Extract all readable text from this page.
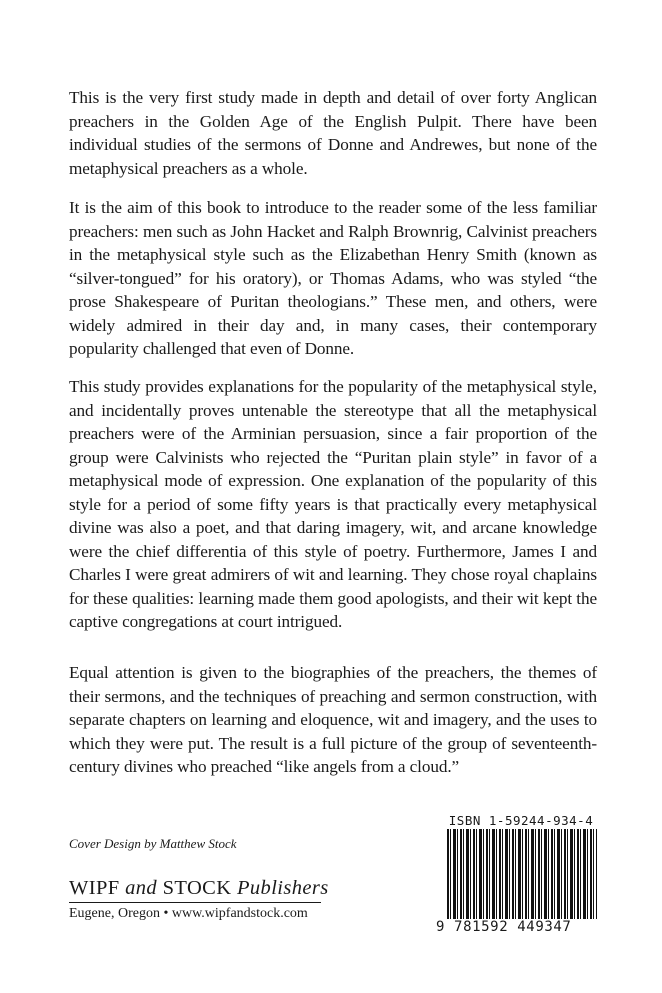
This is the very first study made in depth and detail of over forty Anglican preachers in the Golden Age of the English Pulpit. There have been individual studies of the sermons of Donne and Andrewes, but none of the metaphysical preachers as a whole.

It is the aim of this book to introduce to the reader some of the less familiar preachers: men such as John Hacket and Ralph Brownrig, Calvinist preachers in the metaphysical style such as the Elizabethan Henry Smith (known as “silver-tongued” for his oratory), or Thomas Adams, who was styled “the prose Shakespeare of Puritan theologians.” These men, and others, were widely admired in their day and, in many cases, their contemporary popularity challenged that even of Donne.

This study provides explanations for the popularity of the metaphysical style, and incidentally proves untenable the stereotype that all the metaphysical preachers were of the Arminian persuasion, since a fair proportion of the group were Calvinists who rejected the “Puritan plain style” in favor of a metaphysical mode of expression. One explanation of the popularity of this style for a period of some fifty years is that practically every metaphysical divine was also a poet, and that daring imagery, wit, and arcane knowledge were the chief differentia of this style of poetry. Furthermore, James I and Charles I were great admirers of wit and learning. They chose royal chaplains for these qualities: learning made them good apologists, and their wit kept the captive congregations at court intrigued.

Equal attention is given to the biographies of the preachers, the themes of their sermons, and the techniques of preaching and sermon construction, with separate chapters on learning and eloquence, wit and imagery, and the uses to which they were put. The result is a full picture of the group of seventeenth-century divines who preached “like angels from a cloud.”

Cover Design by Matthew Stock
WIPF and STOCK Publishers
Eugene, Oregon • www.wipfandstock.com
ISBN 1-59244-934-4
9 781592 449347
